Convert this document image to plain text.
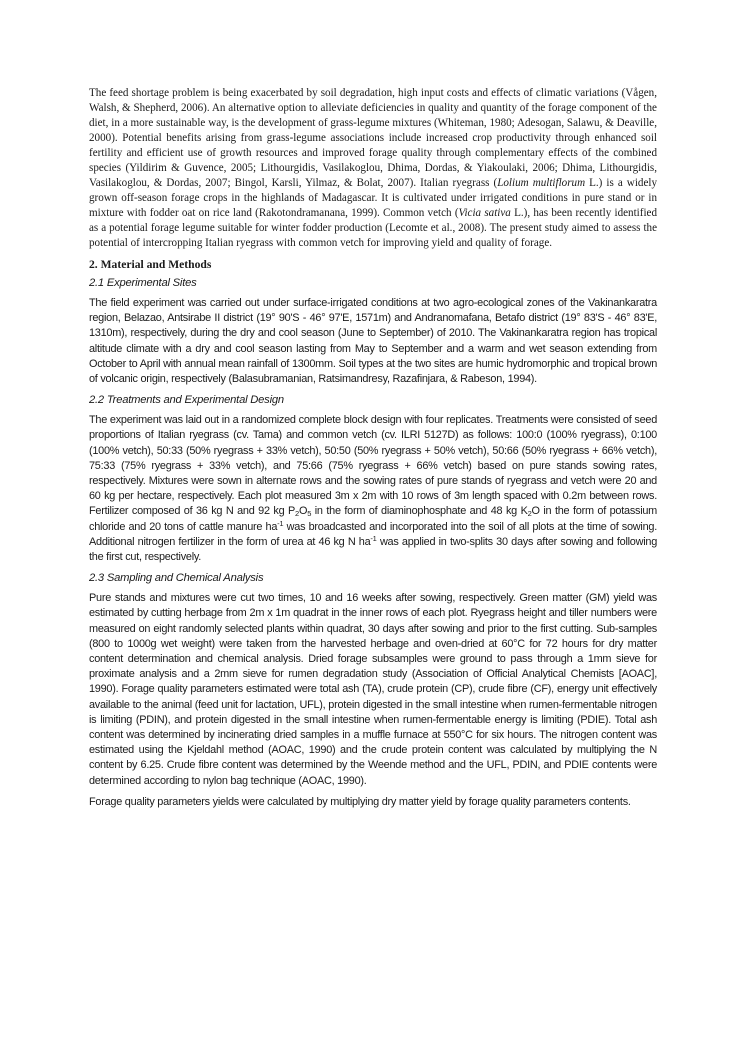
The feed shortage problem is being exacerbated by soil degradation, high input costs and effects of climatic variations (Vågen, Walsh, & Shepherd, 2006). An alternative option to alleviate deficiencies in quality and quantity of the forage component of the diet, in a more sustainable way, is the development of grass-legume mixtures (Whiteman, 1980; Adesogan, Salawu, & Deaville, 2000). Potential benefits arising from grass-legume associations include increased crop productivity through enhanced soil fertility and efficient use of growth resources and improved forage quality through complementary effects of the combined species (Yildirim & Guvence, 2005; Lithourgidis, Vasilakoglou, Dhima, Dordas, & Yiakoulaki, 2006; Dhima, Lithourgidis, Vasilakoglou, & Dordas, 2007; Bingol, Karsli, Yilmaz, & Bolat, 2007). Italian ryegrass (Lolium multiflorum L.) is a widely grown off-season forage crops in the highlands of Madagascar. It is cultivated under irrigated conditions in pure stand or in mixture with fodder oat on rice land (Rakotondramanana, 1999). Common vetch (Vicia sativa L.), has been recently identified as a potential forage legume suitable for winter fodder production (Lecomte et al., 2008). The present study aimed to assess the potential of intercropping Italian ryegrass with common vetch for improving yield and quality of forage.

2. Material and Methods
2.1 Experimental Sites

The field experiment was carried out under surface-irrigated conditions at two agro-ecological zones of the Vakinankaratra region, Belazao, Antsirabe II district (19° 90'S - 46° 97'E, 1571m) and Andranomafana, Betafo district (19° 83'S - 46° 83'E, 1310m), respectively, during the dry and cool season (June to September) of 2010. The Vakinankaratra region has tropical altitude climate with a dry and cool season lasting from May to September and a warm and wet season extending from October to April with annual mean rainfall of 1300mm. Soil types at the two sites are humic hydromorphic and tropical brown of volcanic origin, respectively (Balasubramanian, Ratsimandresy, Razafinjara, & Rabeson, 1994).

2.2 Treatments and Experimental Design

The experiment was laid out in a randomized complete block design with four replicates. Treatments were consisted of seed proportions of Italian ryegrass (cv. Tama) and common vetch (cv. ILRI 5127D) as follows: 100:0 (100% ryegrass), 0:100 (100% vetch), 50:33 (50% ryegrass + 33% vetch), 50:50 (50% ryegrass + 50% vetch), 50:66 (50% ryegrass + 66% vetch), 75:33 (75% ryegrass + 33% vetch), and 75:66 (75% ryegrass + 66% vetch) based on pure stands sowing rates, respectively. Mixtures were sown in alternate rows and the sowing rates of pure stands of ryegrass and vetch were 20 and 60 kg per hectare, respectively. Each plot measured 3m x 2m with 10 rows of 3m length spaced with 0.2m between rows. Fertilizer composed of 36 kg N and 92 kg $P_2O_5$ in the form of diaminophosphate and 48 kg $K_2O$ in the form of potassium chloride and 20 tons of cattle manure $ha^{-1}$ was broadcasted and incorporated into the soil of all plots at the time of sowing. Additional nitrogen fertilizer in the form of urea at 46 kg N $ha^{-1}$ was applied in two-splits 30 days after sowing and following the first cut, respectively.

2.3 Sampling and Chemical Analysis

Pure stands and mixtures were cut two times, 10 and 16 weeks after sowing, respectively. Green matter (GM) yield was estimated by cutting herbage from 2m x 1m quadrat in the inner rows of each plot. Ryegrass height and tiller numbers were measured on eight randomly selected plants within quadrat, 30 days after sowing and prior to the first cutting. Sub-samples (800 to 1000g wet weight) were taken from the harvested herbage and oven-dried at 60°C for 72 hours for dry matter content determination and chemical analysis. Dried forage subsamples were ground to pass through a 1mm sieve for proximate analysis and a 2mm sieve for rumen degradation study (Association of Official Analytical Chemists [AOAC], 1990). Forage quality parameters estimated were total ash (TA), crude protein (CP), crude fibre (CF), energy unit effectively available to the animal (feed unit for lactation, UFL), protein digested in the small intestine when rumen-fermentable nitrogen is limiting (PDIN), and protein digested in the small intestine when rumen-fermentable energy is limiting (PDIE). Total ash content was determined by incinerating dried samples in a muffle furnace at 550°C for six hours. The nitrogen content was estimated using the Kjeldahl method (AOAC, 1990) and the crude protein content was calculated by multiplying the N content by 6.25. Crude fibre content was determined by the Weende method and the UFL, PDIN, and PDIE contents were determined according to nylon bag technique (AOAC, 1990).

Forage quality parameters yields were calculated by multiplying dry matter yield by forage quality parameters contents.
